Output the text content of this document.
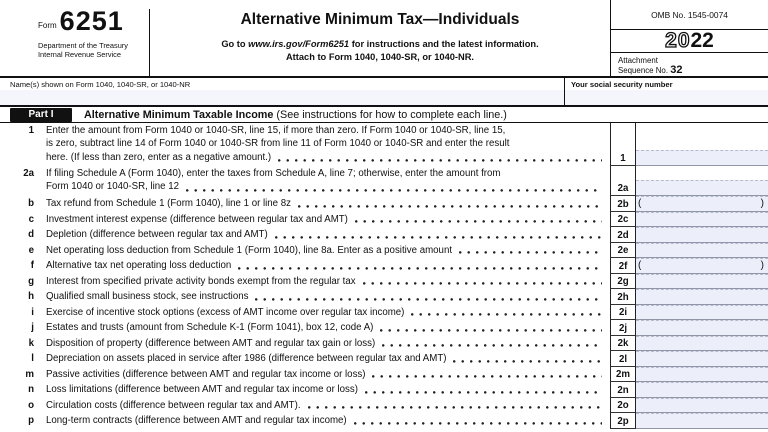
Form 6251
Department of the Treasury
Internal Revenue Service
Alternative Minimum Tax—Individuals
Go to www.irs.gov/Form6251 for instructions and the latest information.
Attach to Form 1040, 1040-SR, or 1040-NR.
OMB No. 1545-0074
2022
Attachment
Sequence No. 32
Name(s) shown on Form 1040, 1040-SR, or 1040-NR	Your social security number
Part I	Alternative Minimum Taxable Income (See instructions for how to complete each line.)
1 Enter the amount from Form 1040 or 1040-SR, line 15, if more than zero. If Form 1040 or 1040-SR, line 15,
is zero, subtract line 14 of Form 1040 or 1040-SR from line 11 of Form 1040 or 1040-SR and enter the result
here. (If less than zero, enter as a negative amount.)	1
2a If filing Schedule A (Form 1040), enter the taxes from Schedule A, line 7; otherwise, enter the amount from
Form 1040 or 1040-SR, line 12	2a
b Tax refund from Schedule 1 (Form 1040), line 1 or line 8z	2b (	)
c Investment interest expense (difference between regular tax and AMT)	2c
d Depletion (difference between regular tax and AMT)	2d
e Net operating loss deduction from Schedule 1 (Form 1040), line 8a. Enter as a positive amount	2e
f Alternative tax net operating loss deduction	2f	(	)
g Interest from specified private activity bonds exempt from the regular tax	2g
h Qualified small business stock, see instructions	2h
i Exercise of incentive stock options (excess of AMT income over regular tax income)	2i
j Estates and trusts (amount from Schedule K-1 (Form 1041), box 12, code A)	2j
k Disposition of property (difference between AMT and regular tax gain or loss)	2k
l Depreciation on assets placed in service after 1986 (difference between regular tax and AMT)	2l
m Passive activities (difference between AMT and regular tax income or loss)	2m
n Loss limitations (difference between AMT and regular tax income or loss)	2n
o Circulation costs (difference between regular tax and AMT).	2o
p Long-term contracts (difference between AMT and regular tax income)	2p
